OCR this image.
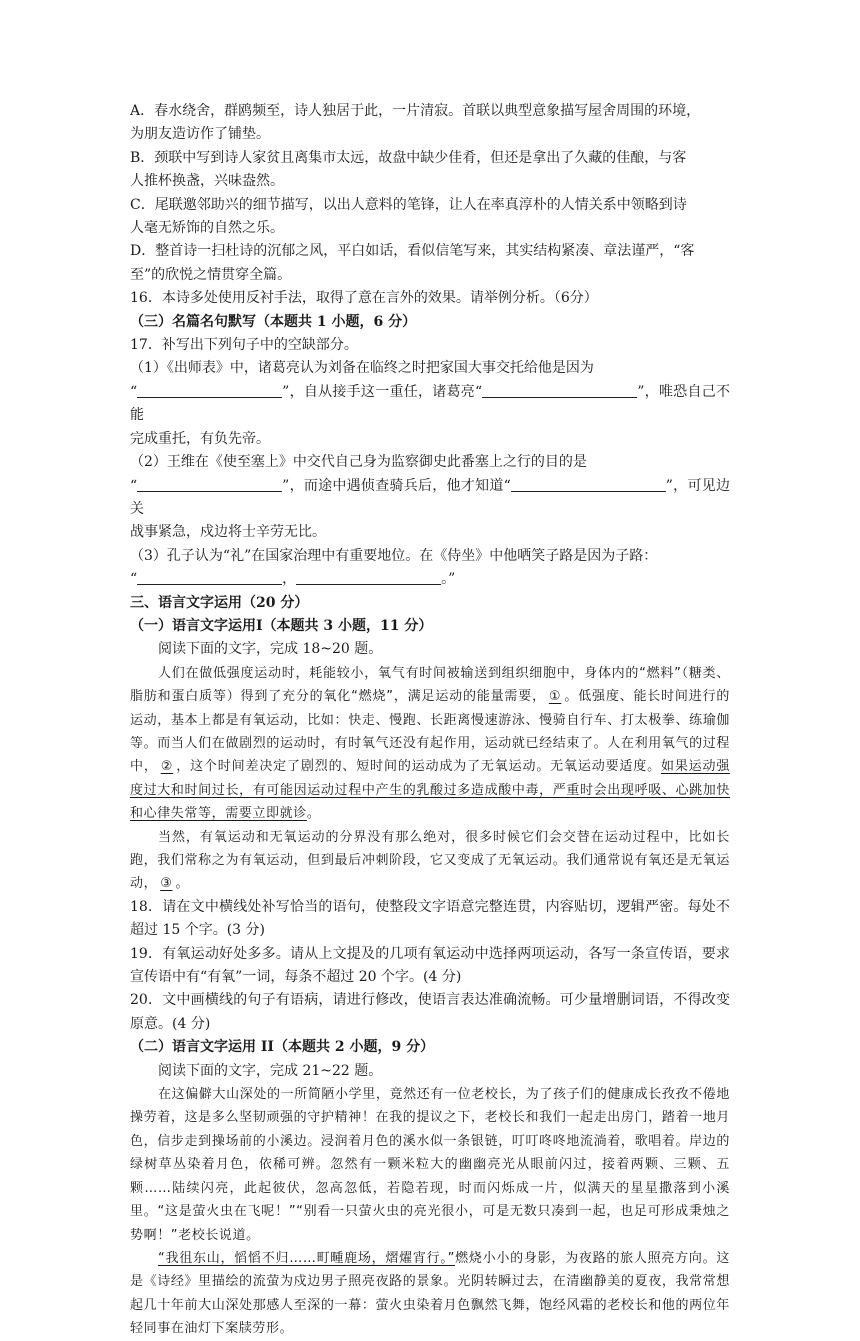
A．春水绕舍，群鸥频至，诗人独居于此，一片清寂。首联以典型意象描写屋舍周围的环境，

为朋友造访作了铺垫。

B．颈联中写到诗人家贫且离集市太远，故盘中缺少佳肴，但还是拿出了久藏的佳酿，与客

人推杯换盏，兴味盎然。

C．尾联邀邻助兴的细节描写，以出人意料的笔锋，让人在率真淳朴的人情关系中领略到诗

人毫无矫饰的自然之乐。

D．整首诗一扫杜诗的沉郁之风，平白如话，看似信笔写来，其实结构紧凑、章法谨严，“客

至”的欣悦之情贯穿全篇。

16．本诗多处使用反衬手法，取得了意在言外的效果。请举例分析。（6分）

（三）名篇名句默写（本题共 1 小题，6 分）

17．补写出下列句子中的空缺部分。

（1）《出师表》中，诸葛亮认为刘备在临终之时把家国大事交托给他是因为

“	”，自从接手这一重任，诸葛亮“	”，唯恐自己不能

完成重托，有负先帝。

（2）王维在《使至塞上》中交代自己身为监察御史此番塞上之行的目的是

“	”，而途中遇侦查骑兵后，他才知道“	”，可见边关

战事紧急，戍边将士辛劳无比。

（3）孔子认为“礼”在国家治理中有重要地位。在《侍坐》中他哂笑子路是因为子路：

“	，	。”

三、语言文字运用（20 分）

（一）语言文字运用Ⅰ（本题共 3 小题，11 分）

阅读下面的文字，完成 18~20 题。

人们在做低强度运动时，耗能较小，氧气有时间被输送到组织细胞中，身体内的“燃料”（糖类、脂肪和蛋白质等）得到了充分的氧化“燃烧”，满足运动的能量需要， ① 。低强度、能长时间进行的运动，基本上都是有氧运动，比如：快走、慢跑、长距离慢速游泳、慢骑自行车、打太极拳、练瑜伽等。而当人们在做剧烈的运动时，有时氧气还没有起作用，运动就已经结束了。人在利用氧气的过程中， ② ，这个时间差决定了剧烈的、短时间的运动成为了无氧运动。无氧运动要适度。如果运动强度过大和时间过长，有可能因运动过程中产生的乳酸过多造成酸中毒，严重时会出现呼吸、心跳加快和心律失常等，需要立即就诊。

当然，有氧运动和无氧运动的分界没有那么绝对，很多时候它们会交替在运动过程中，比如长跑，我们常称之为有氧运动，但到最后冲刺阶段，它又变成了无氧运动。我们通常说有氧还是无氧运动， ③ 。

18．请在文中横线处补写恰当的语句，使整段文字语意完整连贯，内容贴切，逻辑严密。每处不超过 15 个字。(3 分)

19．有氧运动好处多多。请从上文提及的几项有氧运动中选择两项运动，各写一条宣传语，要求宣传语中有“有氧”一词，每条不超过 20 个字。(4 分)

20．文中画横线的句子有语病，请进行修改，使语言表达准确流畅。可少量增删词语，不得改变原意。(4 分)

（二）语言文字运用 II（本题共 2 小题，9 分）

阅读下面的文字，完成 21~22 题。

在这偏僻大山深处的一所简陋小学里，竟然还有一位老校长，为了孩子们的健康成长孜孜不倦地操劳着，这是多么坚韧顽强的守护精神！在我的提议之下，老校长和我们一起走出房门，踏着一地月色，信步走到操场前的小溪边。浸润着月色的溪水似一条银链，叮叮咚咚地流淌着，歌唱着。岸边的绿树草丛染着月色，依稀可辨。忽然有一颗米粒大的幽幽亮光从眼前闪过，接着两颗、三颗、五颗……陆续闪亮，此起彼伏，忽高忽低，若隐若现，时而闪烁成一片，似满天的星星撒落到小溪里。“这是萤火虫在飞呢！”“别看一只萤火虫的亮光很小，可是无数只凑到一起，也足可形成秉烛之势啊！”老校长说道。

“我徂东山，慆慆不归……町畽鹿场，熠燿宵行。”燃烧小小的身影，为夜路的旅人照亮方向。这是《诗经》里描绘的流萤为戍边男子照亮夜路的景象。光阴转瞬过去，在清幽静美的夏夜，我常常想起几十年前大山深处那感人至深的一幕：萤火虫染着月色飘然飞舞，饱经风霜的老校长和他的两位年轻同事在油灯下案牍劳形。
